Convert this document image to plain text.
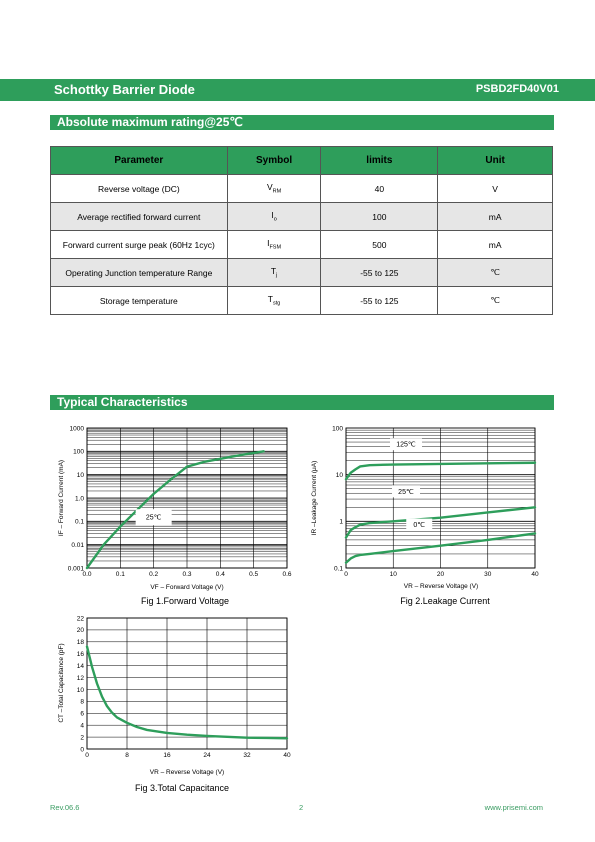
Schottky Barrier Diode	PSBD2FD40V01
Absolute maximum rating@25℃
Parameter	Symbol	limits	Unit
Reverse voltage (DC)	$V_{RM}$	40	V
Average rectified forward current	$I_o$	100	mA
Forward current surge peak (60Hz 1cyc)	$I_{FSM}$	500	mA
Operating Junction temperature Range	$T_j$	-55 to 125	℃
Storage temperature	$T_{stg}$	-55 to 125	℃
Typical Characteristics
0.0	0.1	0.2	0.3	0.4	0.5	0.6
0.001
0.01
0.1
1.0
10
100
1000
VF – Forward Voltage (V)
IF – Forward Current (mA)	25℃
0	10	20	30	40
0.1
1
10
100
VR – Reverse Voltage (V)
IR –Leakage Current (μA)
125℃
25℃
0℃
0	8	16	24	32	40
0
2
4
6
8
10
12
14
16
18
20
22
VR – Reverse Voltage (V)
CT –Total Capacitance (pF)
Fig 1.Forward Voltage	Fig 2.Leakage Current
Fig 3.Total Capacitance
Rev.06.6	2	www.prisemi.com
